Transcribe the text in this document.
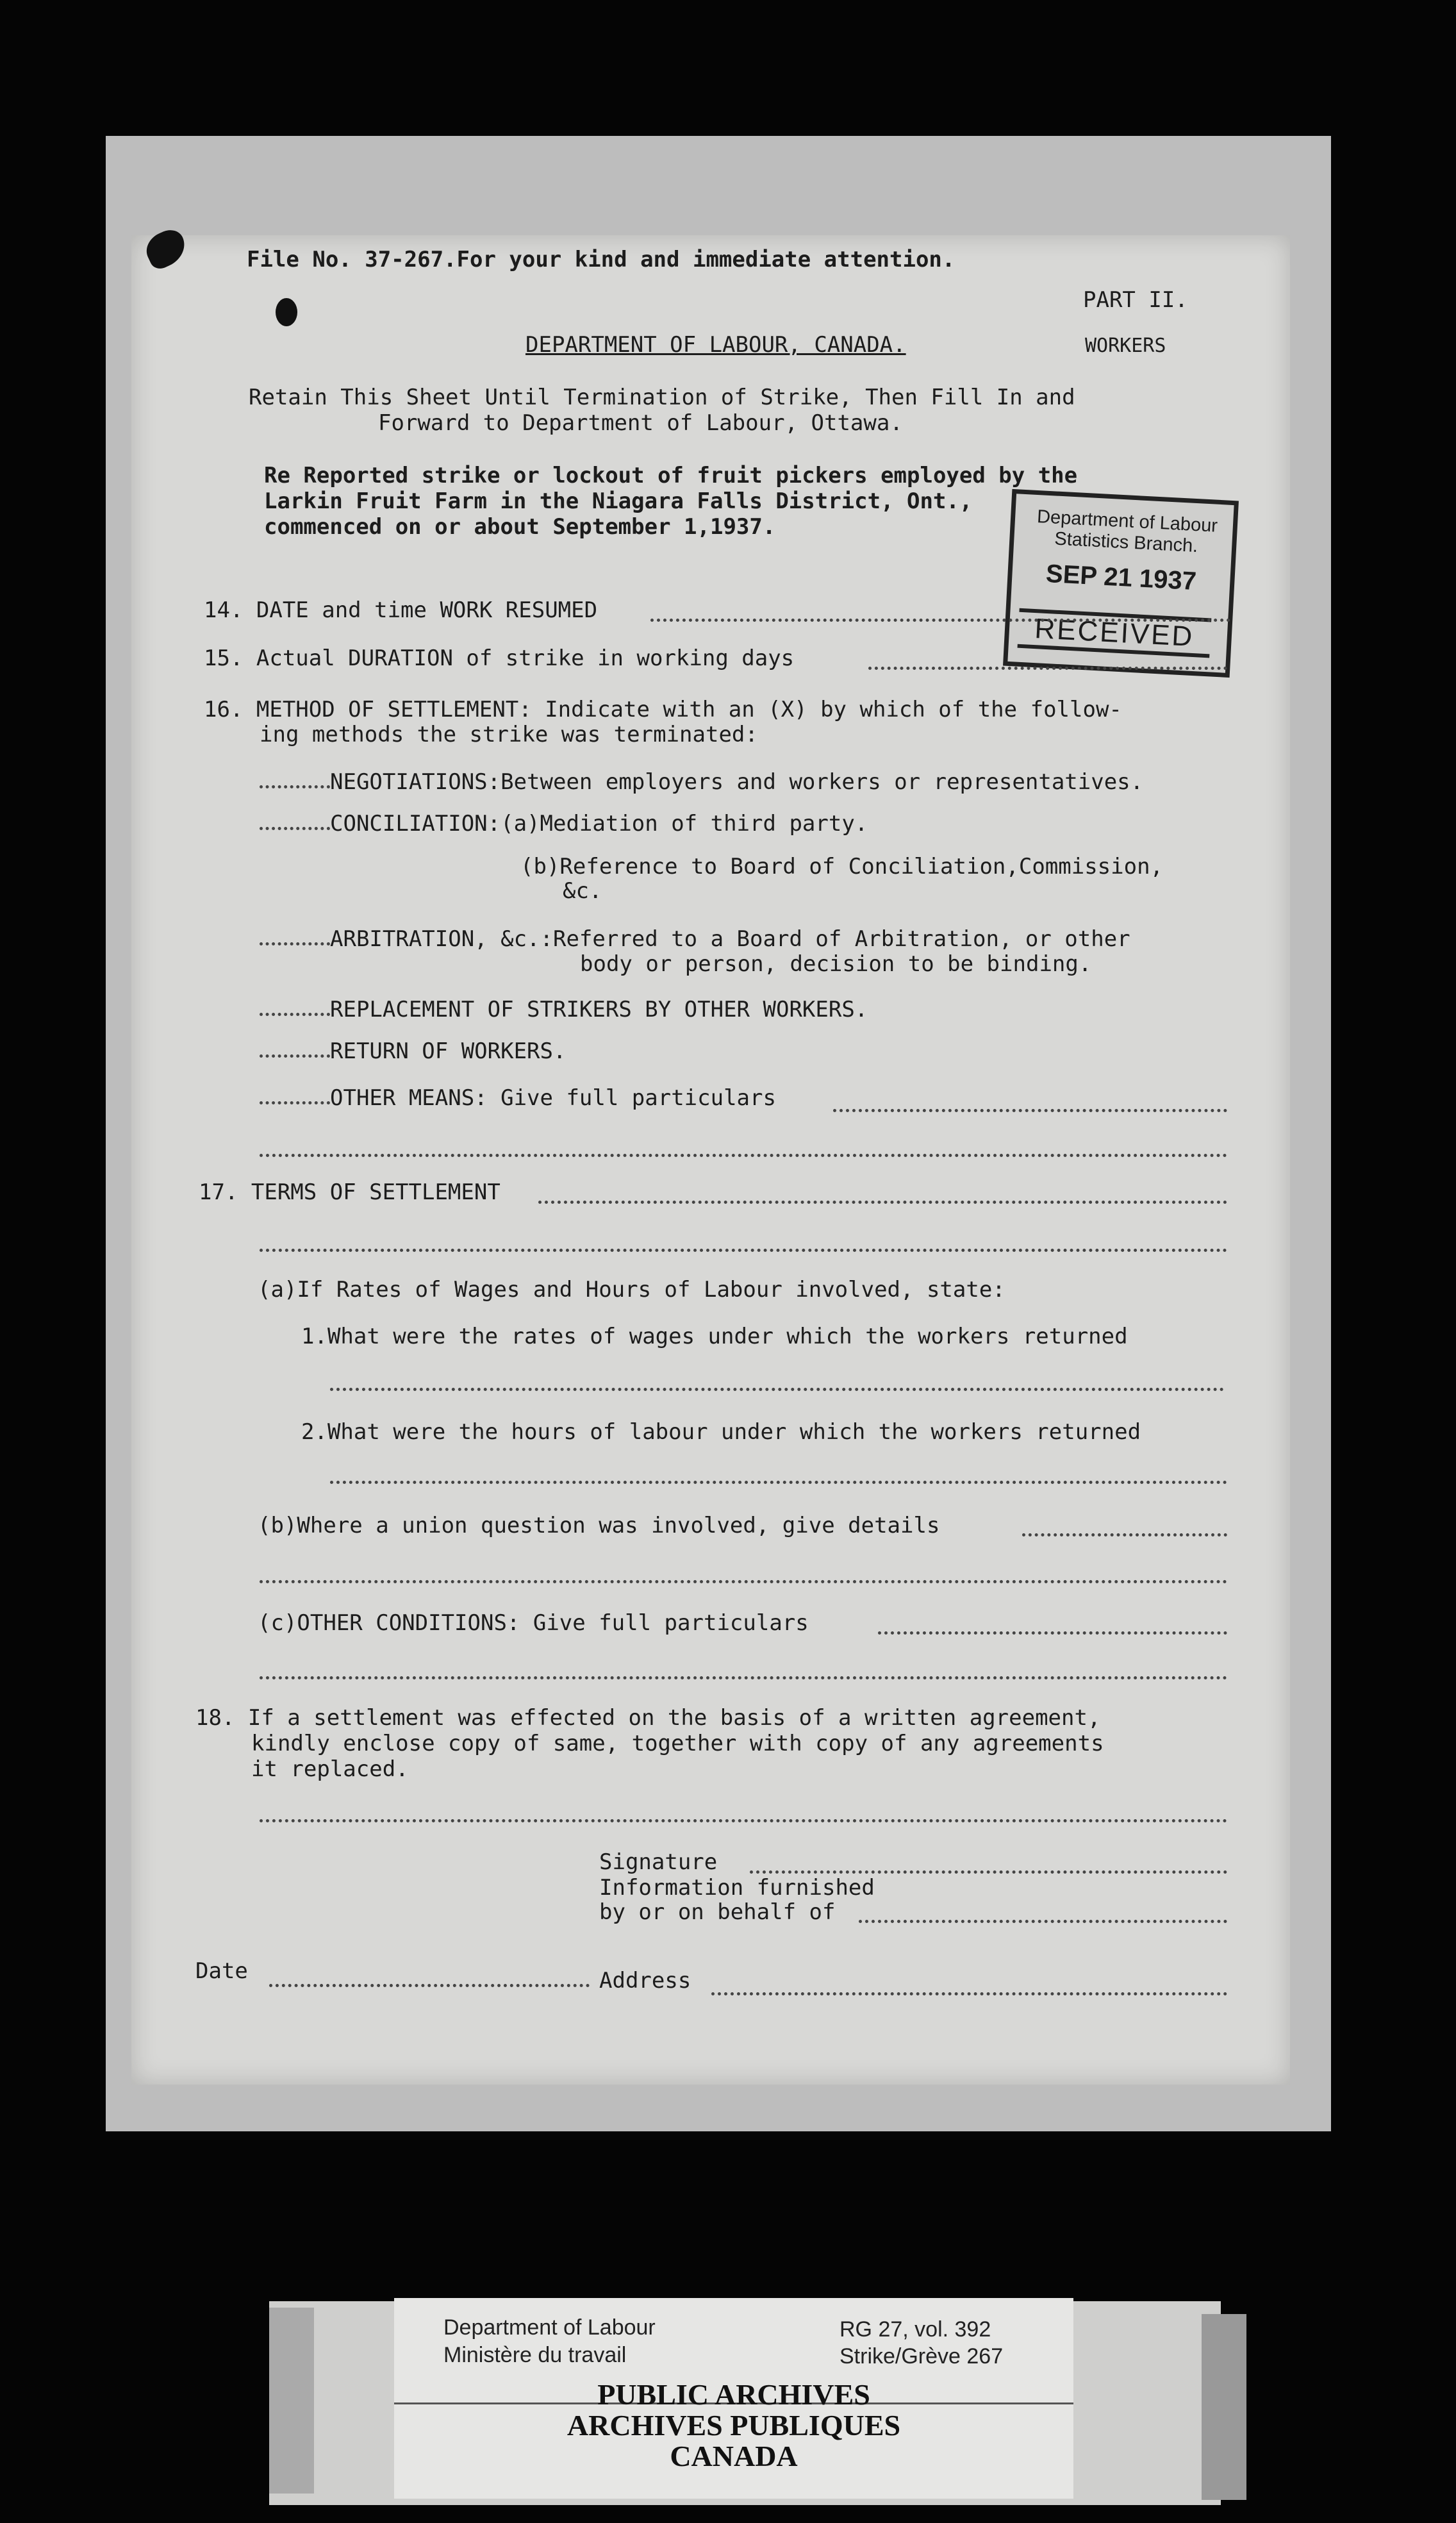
File No. 37-267.For your kind and immediate attention.
PART II.
DEPARTMENT OF LABOUR, CANADA.	WORKERS
Retain This Sheet Until Termination of Strike, Then Fill In and
Forward to Department of Labour, Ottawa.
Re Reported strike or lockout of fruit pickers employed by the
Larkin Fruit Farm in the Niagara Falls District, Ont.,
commenced on or about September 1,1937.	Department of Labour
Statistics Branch.
SEP 21 1937
RECEIVED
14. DATE and time WORK RESUMED
15. Actual DURATION of strike in working days
16. METHOD OF SETTLEMENT: Indicate with an (X) by which of the follow-
ing methods the strike was terminated:
NEGOTIATIONS:Between employers and workers or representatives.
CONCILIATION:(a)Mediation of third party.
(b)Reference to Board of Conciliation,Commission,
&c.
ARBITRATION, &c.:Referred to a Board of Arbitration, or other
body or person, decision to be binding.
REPLACEMENT OF STRIKERS BY OTHER WORKERS.
RETURN OF WORKERS.
OTHER MEANS: Give full particulars
17. TERMS OF SETTLEMENT
(a)If Rates of Wages and Hours of Labour involved, state:
1.What were the rates of wages under which the workers returned
2.What were the hours of labour under which the workers returned
(b)Where a union question was involved, give details
(c)OTHER CONDITIONS: Give full particulars
18. If a settlement was effected on the basis of a written agreement,
kindly enclose copy of same, together with copy of any agreements
it replaced.
Signature
Information furnished
by or on behalf of
Date	Address
Department of Labour
Ministère du travail
RG 27, vol. 392
Strike/Grève 267
PUBLIC ARCHIVES
ARCHIVES PUBLIQUES
CANADA
